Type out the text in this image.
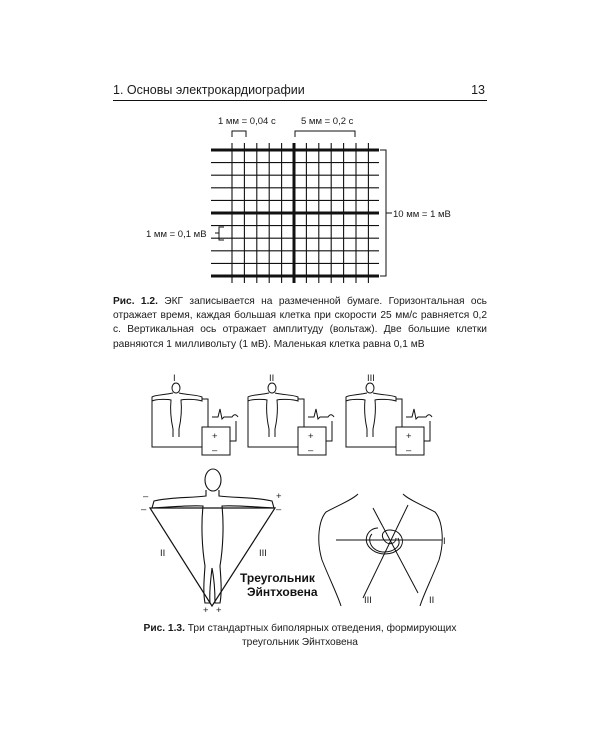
1. Основы электрокардиографии	13
1 мм = 0,04 с	5 мм = 0,2 с
10 мм = 1 мВ
1 мм = 0,1 мВ
I
+
–
II
+
–
III
+
–
–
–
+
–
+ +
II	III
Треугольник
Эйнтховена
I
III	II
Рис. 1.2. ЭКГ записывается на размеченной бумаге. Горизонтальная ось отражает время, каждая большая клетка при скорости 25 мм/с равняется 0,2 с. Вертикальная ось отражает амплитуду (вольтаж). Две большие клетки равняются 1 милливольту (1 мВ). Маленькая клетка равна 0,1 мВ
Рис. 1.3. Три стандартных биполярных отведения, формирующих треугольник Эйнтховена
